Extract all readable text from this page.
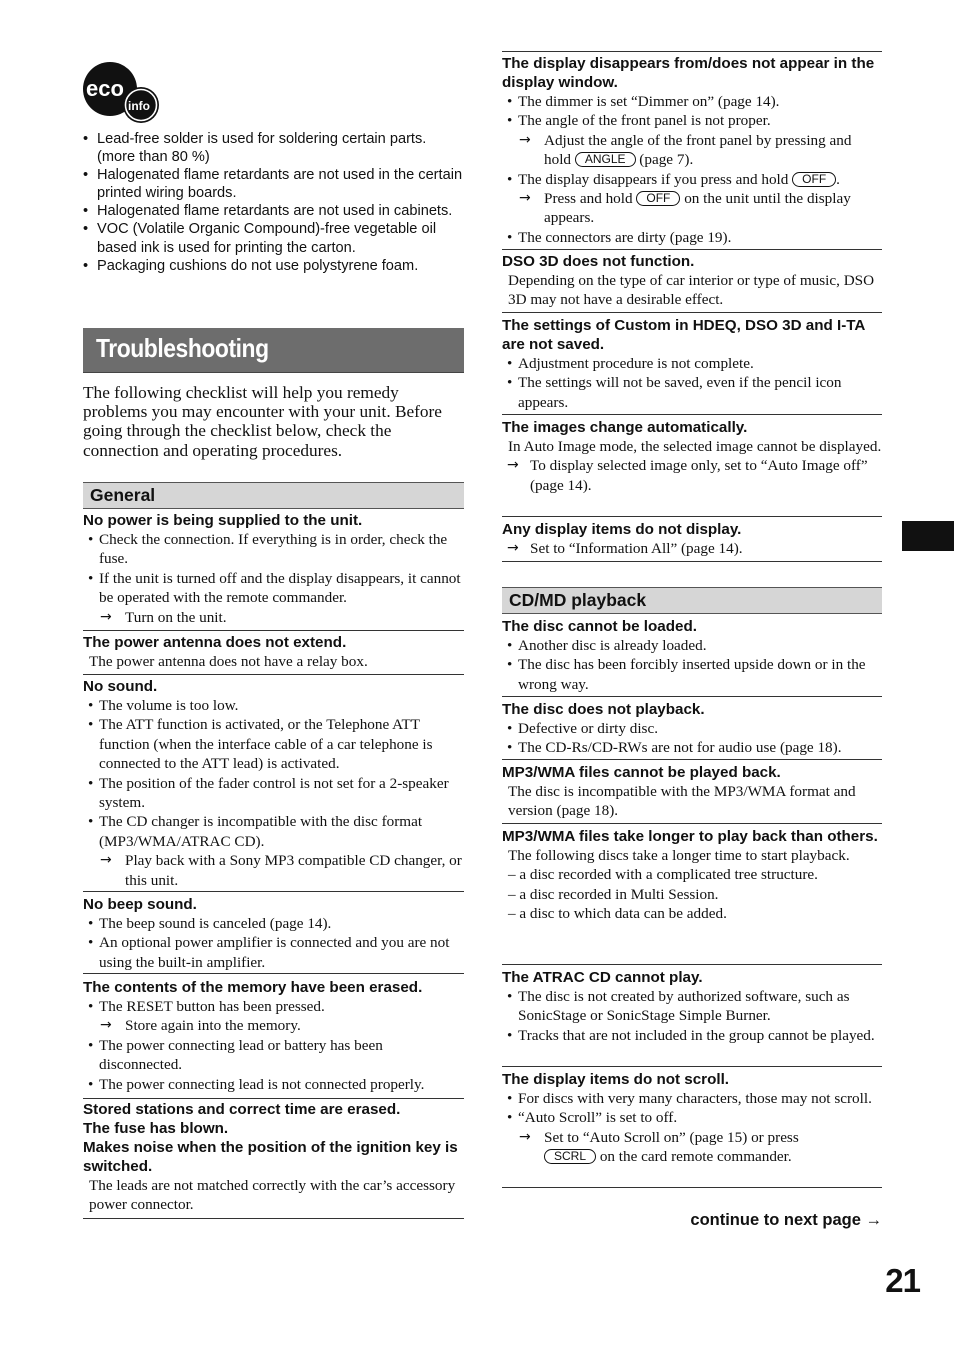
eco
info
• Lead-free solder is used for soldering certain parts. (more than 80 %)
• Halogenated flame retardants are not used in the certain printed wiring boards.
• Halogenated flame retardants are not used in cabinets.
• VOC (Volatile Organic Compound)-free vegetable oil based ink is used for printing the carton.
• Packaging cushions do not use polystyrene foam.
Troubleshooting
The following checklist will help you remedy problems you may encounter with your unit. Before going through the checklist below, check the connection and operating procedures.
General
No power is being supplied to the unit.
• Check the connection. If everything is in order, check the fuse.
• If the unit is turned off and the display disappears, it cannot be operated with the remote commander.
→ Turn on the unit.
The power antenna does not extend.
The power antenna does not have a relay box.
No sound.
• The volume is too low.
• The ATT function is activated, or the Telephone ATT function (when the interface cable of a car telephone is connected to the ATT lead) is activated.
• The position of the fader control is not set for a 2-speaker system.
• The CD changer is incompatible with the disc format (MP3/WMA/ATRAC CD).
→ Play back with a Sony MP3 compatible CD changer, or this unit.
No beep sound.
• The beep sound is canceled (page 14).
• An optional power amplifier is connected and you are not using the built-in amplifier.
The contents of the memory have been erased.
• The RESET button has been pressed.
→ Store again into the memory.
• The power connecting lead or battery has been disconnected.
• The power connecting lead is not connected properly.
Stored stations and correct time are erased.
The fuse has blown.
Makes noise when the position of the ignition key is switched.
The leads are not matched correctly with the car’s accessory power connector.
The display disappears from/does not appear in the display window.
• The dimmer is set “Dimmer on” (page 14).
• The angle of the front panel is not proper.
→ Adjust the angle of the front panel by pressing and hold ANGLE (page 7).
• The display disappears if you press and hold OFF .
→ Press and hold OFF on the unit until the display appears.
• The connectors are dirty (page 19).
DSO 3D does not function.
Depending on the type of car interior or type of music, DSO 3D may not have a desirable effect.
The settings of Custom in HDEQ, DSO 3D and I-TA are not saved.
• Adjustment procedure is not complete.
• The settings will not be saved, even if the pencil icon appears.
The images change automatically.
In Auto Image mode, the selected image cannot be displayed.
→ To display selected image only, set to “Auto Image off” (page 14).
Any display items do not display.
→ Set to “Information All” (page 14).
CD/MD playback
The disc cannot be loaded.
• Another disc is already loaded.
• The disc has been forcibly inserted upside down or in the wrong way.
The disc does not playback.
• Defective or dirty disc.
• The CD-Rs/CD-RWs are not for audio use (page 18).
MP3/WMA files cannot be played back.
The disc is incompatible with the MP3/WMA format and version (page 18).
MP3/WMA files take longer to play back than others.
The following discs take a longer time to start playback.
– a disc recorded with a complicated tree structure.
– a disc recorded in Multi Session.
– a disc to which data can be added.
The ATRAC CD cannot play.
• The disc is not created by authorized software, such as SonicStage or SonicStage Simple Burner.
• Tracks that are not included in the group cannot be played.
The display items do not scroll.
• For discs with very many characters, those may not scroll.
• “Auto Scroll” is set to off.
→ Set to “Auto Scroll on” (page 15) or press
SCRL on the card remote commander.
continue to next page →
21
